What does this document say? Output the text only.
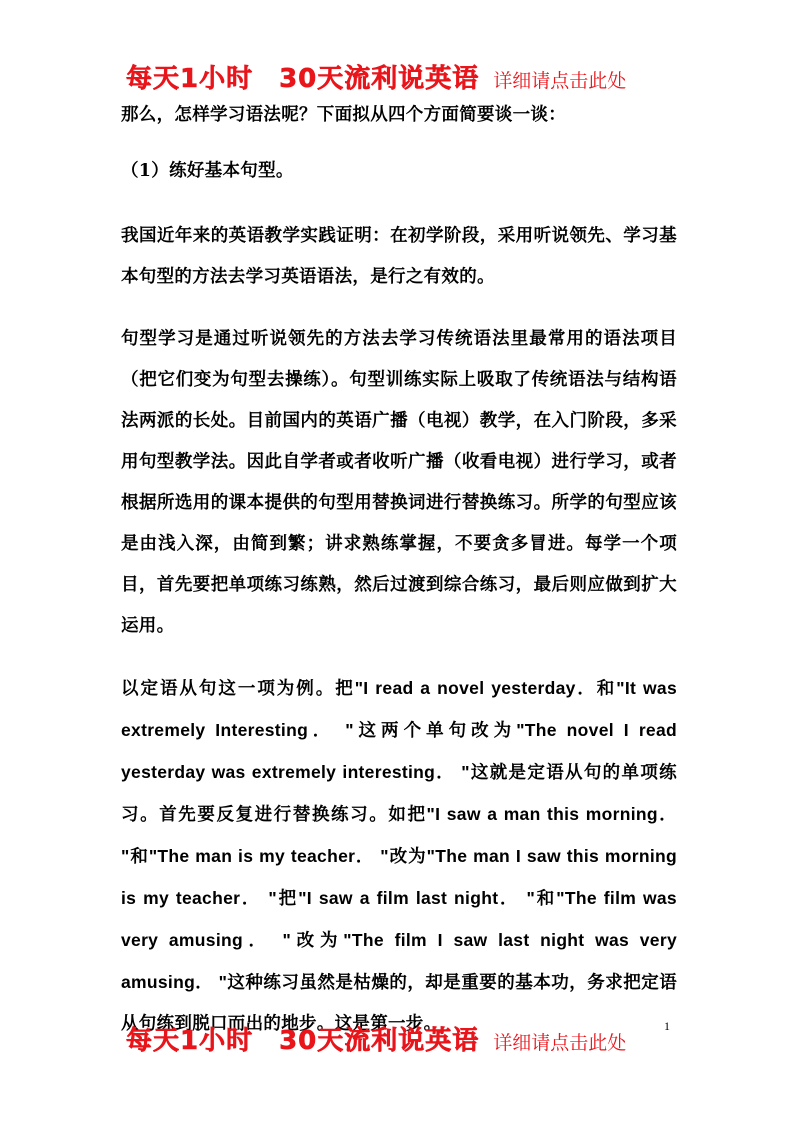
每天1小时 30天流利说英语 详细请点击此处

那么，怎样学习语法呢？下面拟从四个方面简要谈一谈：

（1）练好基本句型。

我国近年来的英语教学实践证明：在初学阶段，采用听说领先、学习基本句型的方法去学习英语语法，是行之有效的。

句型学习是通过听说领先的方法去学习传统语法里最常用的语法项目（把它们变为句型去操练）。句型训练实际上吸取了传统语法与结构语法两派的长处。目前国内的英语广播（电视）教学，在入门阶段，多采用句型教学法。因此自学者或者收听广播（收看电视）进行学习，或者根据所选用的课本提供的句型用替换词进行替换练习。所学的句型应该是由浅入深，由简到繁；讲求熟练掌握，不要贪多冒进。每学一个项目，首先要把单项练习练熟，然后过渡到综合练习，最后则应做到扩大运用。

以定语从句这一项为例。把"I read a novel yesterday．和"It was extremely Interesting． "这两个单句改为"The novel I read yesterday was extremely interesting． "这就是定语从句的单项练习。首先要反复进行替换练习。如把"I saw a man this morning． "和"The man is my teacher． "改为"The man I saw this morning is my teacher． "把"I saw a film last night． "和"The film was very amusing． "改为"The film I saw last night was very amusing． "这种练习虽然是枯燥的，却是重要的基本功，务求把定语从句练到脱口而出的地步。这是第一步。

每天1小时 30天流利说英语 详细请点击此处
1
